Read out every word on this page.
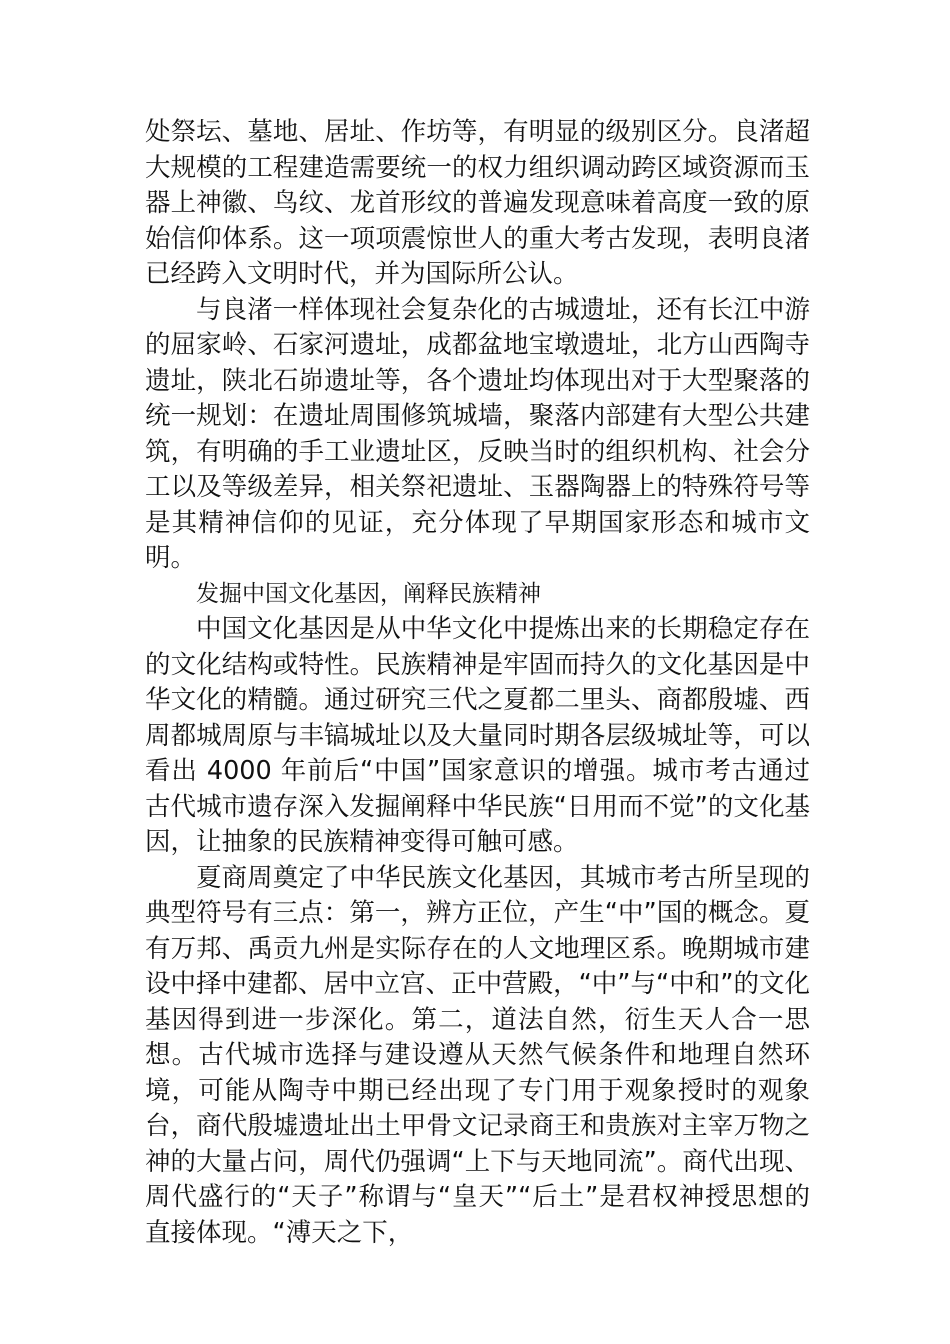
处祭坛、墓地、居址、作坊等，有明显的级别区分。良渚超大规模的工程建造需要统一的权力组织调动跨区域资源而玉器上神徽、鸟纹、龙首形纹的普遍发现意味着高度一致的原始信仰体系。这一项项震惊世人的重大考古发现，表明良渚已经跨入文明时代，并为国际所公认。

与良渚一样体现社会复杂化的古城遗址，还有长江中游的屈家岭、石家河遗址，成都盆地宝墩遗址，北方山西陶寺遗址，陕北石峁遗址等，各个遗址均体现出对于大型聚落的统一规划：在遗址周围修筑城墙，聚落内部建有大型公共建筑，有明确的手工业遗址区，反映当时的组织机构、社会分工以及等级差异，相关祭祀遗址、玉器陶器上的特殊符号等是其精神信仰的见证，充分体现了早期国家形态和城市文明。

发掘中国文化基因，阐释民族精神

中国文化基因是从中华文化中提炼出来的长期稳定存在的文化结构或特性。民族精神是牢固而持久的文化基因是中华文化的精髓。通过研究三代之夏都二里头、商都殷墟、西周都城周原与丰镐城址以及大量同时期各层级城址等，可以看出 4000 年前后“中国”国家意识的增强。城市考古通过古代城市遗存深入发掘阐释中华民族“日用而不觉”的文化基因，让抽象的民族精神变得可触可感。

夏商周奠定了中华民族文化基因，其城市考古所呈现的典型符号有三点：第一，辨方正位，产生“中”国的概念。夏有万邦、禹贡九州是实际存在的人文地理区系。晚期城市建设中择中建都、居中立宫、正中营殿，“中”与“中和”的文化基因得到进一步深化。第二，道法自然，衍生天人合一思想。古代城市选择与建设遵从天然气候条件和地理自然环境，可能从陶寺中期已经出现了专门用于观象授时的观象台，商代殷墟遗址出土甲骨文记录商王和贵族对主宰万物之神的大量占问，周代仍强调“上下与天地同流”。商代出现、周代盛行的“天子”称谓与“皇天”“后土”是君权神授思想的直接体现。“溥天之下，
